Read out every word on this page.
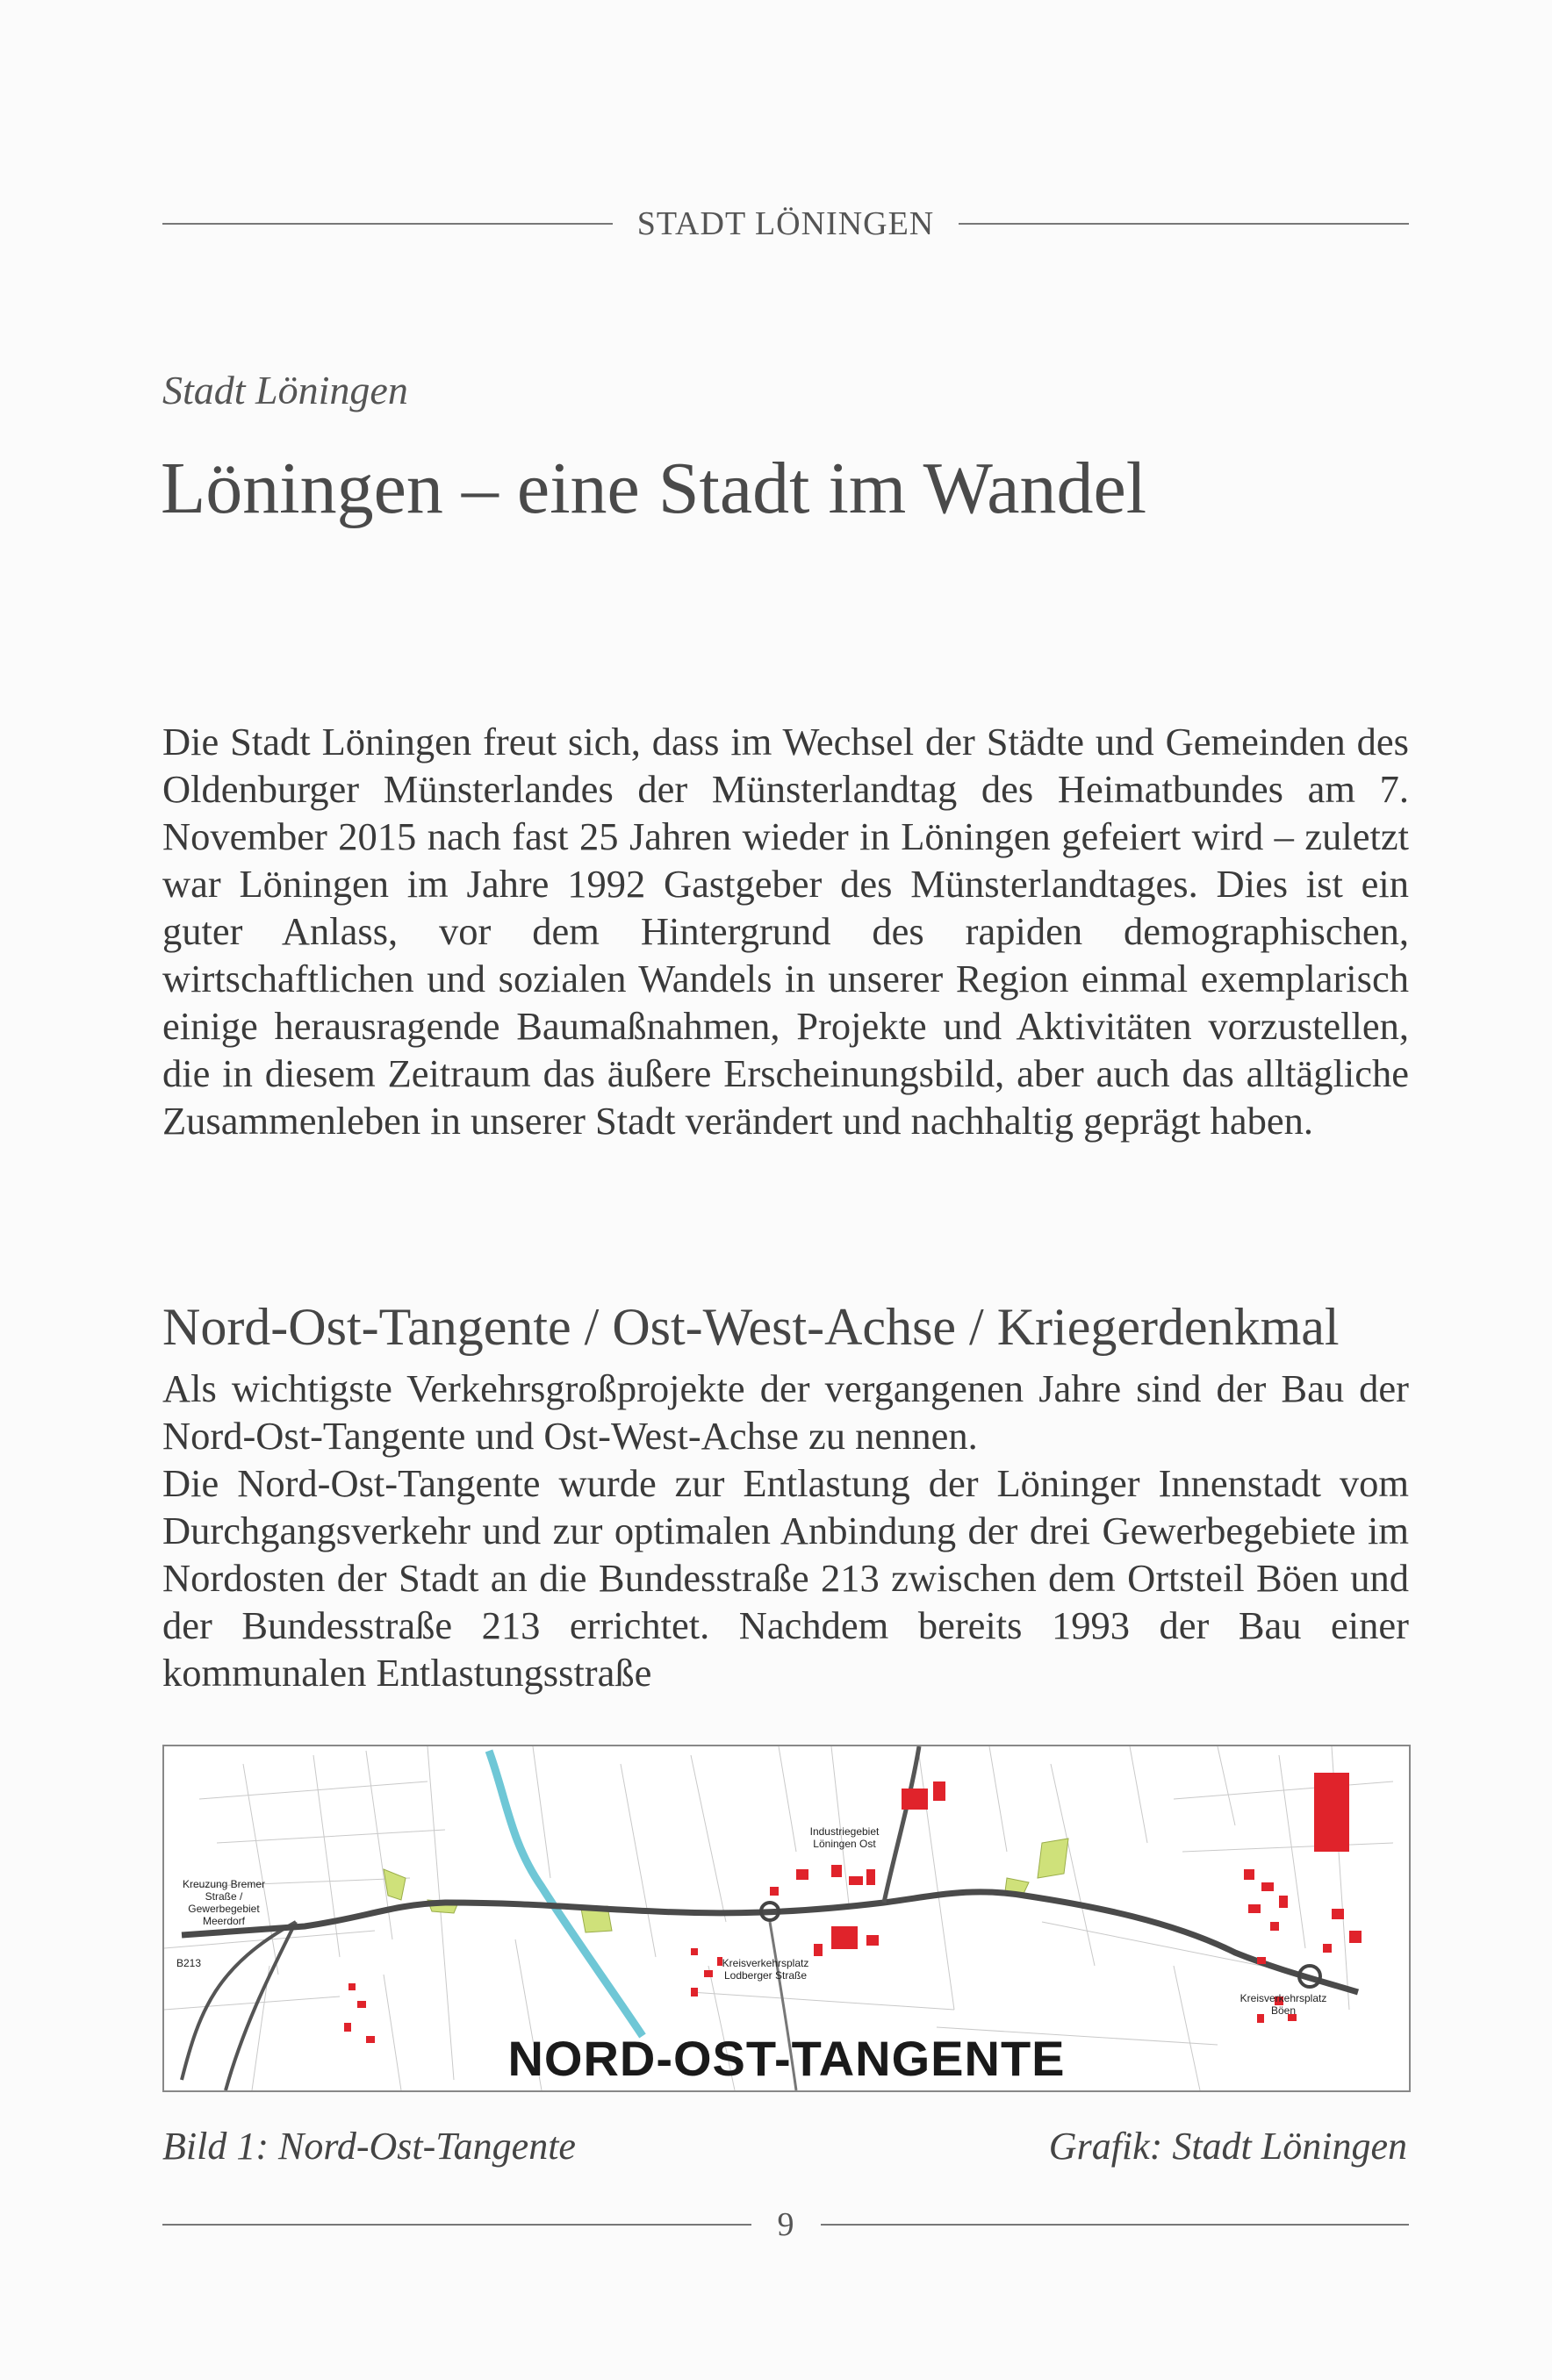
STADT LÖNINGEN
Stadt Löningen
Löningen – eine Stadt im Wandel

Die Stadt Löningen freut sich, dass im Wechsel der Städte und Gemeinden des Oldenburger Münsterlandes der Münsterlandtag des Heimatbundes am 7. November 2015 nach fast 25 Jahren wieder in Löningen gefeiert wird – zuletzt war Löningen im Jahre 1992 Gastgeber des Münsterlandtages. Dies ist ein guter Anlass, vor dem Hintergrund des rapiden demographischen, wirtschaftlichen und sozialen Wandels in unserer Region einmal exemplarisch einige herausragende Baumaßnahmen, Projekte und Aktivitäten vorzustellen, die in diesem Zeitraum das äußere Erscheinungsbild, aber auch das alltägliche Zusammenleben in unserer Stadt verändert und nachhaltig geprägt haben.

Nord-Ost-Tangente / Ost-West-Achse / Kriegerdenkmal

Als wichtigste Verkehrsgroßprojekte der vergangenen Jahre sind der Bau der Nord-Ost-Tangente und Ost-West-Achse zu nennen.

Die Nord-Ost-Tangente wurde zur Entlastung der Löninger Innenstadt vom Durchgangsverkehr und zur optimalen Anbindung der drei Gewerbegebiete im Nordosten der Stadt an die Bundesstraße 213 zwischen dem Ortsteil Böen und der Bundesstraße 213 errichtet. Nachdem bereits 1993 der Bau einer kommunalen Entlastungsstraße

Kreuzung Bremer Straße / Gewerbegebiet Meerdorf
B213
Industriegebiet Löningen Ost
Kreisverkehrsplatz Lodberger Straße
Kreisverkehrsplatz Böen
NORD-OST-TANGENTE
Bild 1: Nord-Ost-Tangente	Grafik: Stadt Löningen
9
